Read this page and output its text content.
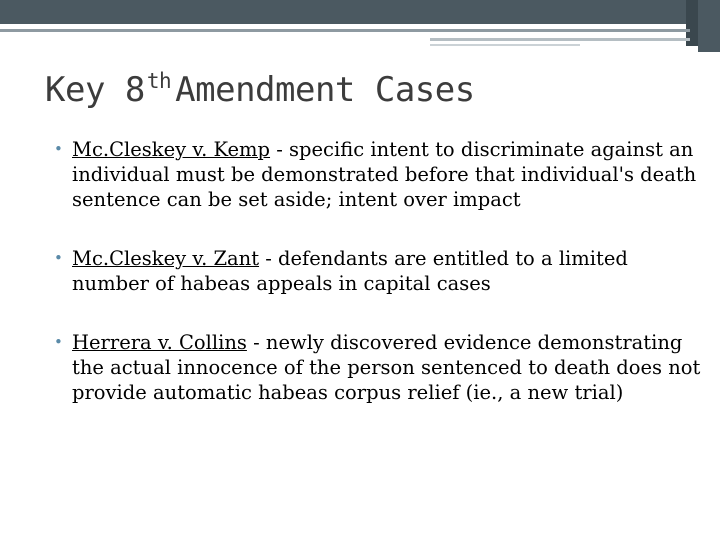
Key 8th Amendment Cases
• Mc.Cleskey v. Kemp - specific intent to discriminate against an individual must be demonstrated before that individual's death sentence can be set aside; intent over impact
• Mc.Cleskey v. Zant - defendants are entitled to a limited number of habeas appeals in capital cases
• Herrera v. Collins - newly discovered evidence demonstrating the actual innocence of the person sentenced to death does not provide automatic habeas corpus relief (ie., a new trial)
